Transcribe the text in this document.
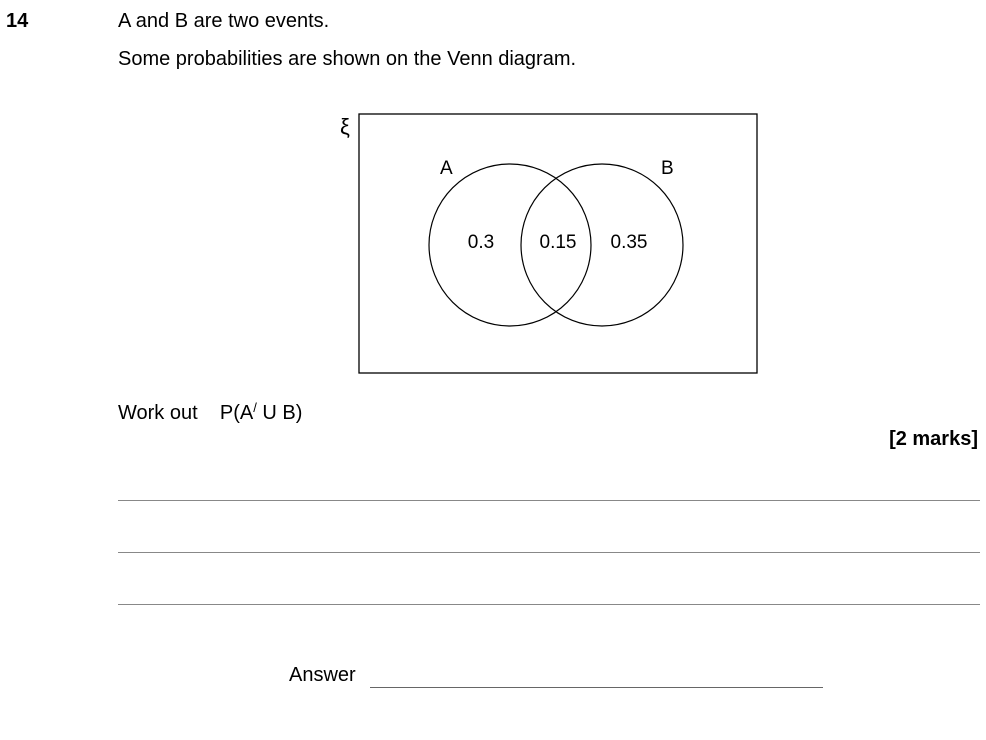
14	A and B are two events.
Some probabilities are shown on the Venn diagram.
ξ
A	B
0.3 0.15 0.35
Work out P(A/ U B)
[2 marks]
Answer
